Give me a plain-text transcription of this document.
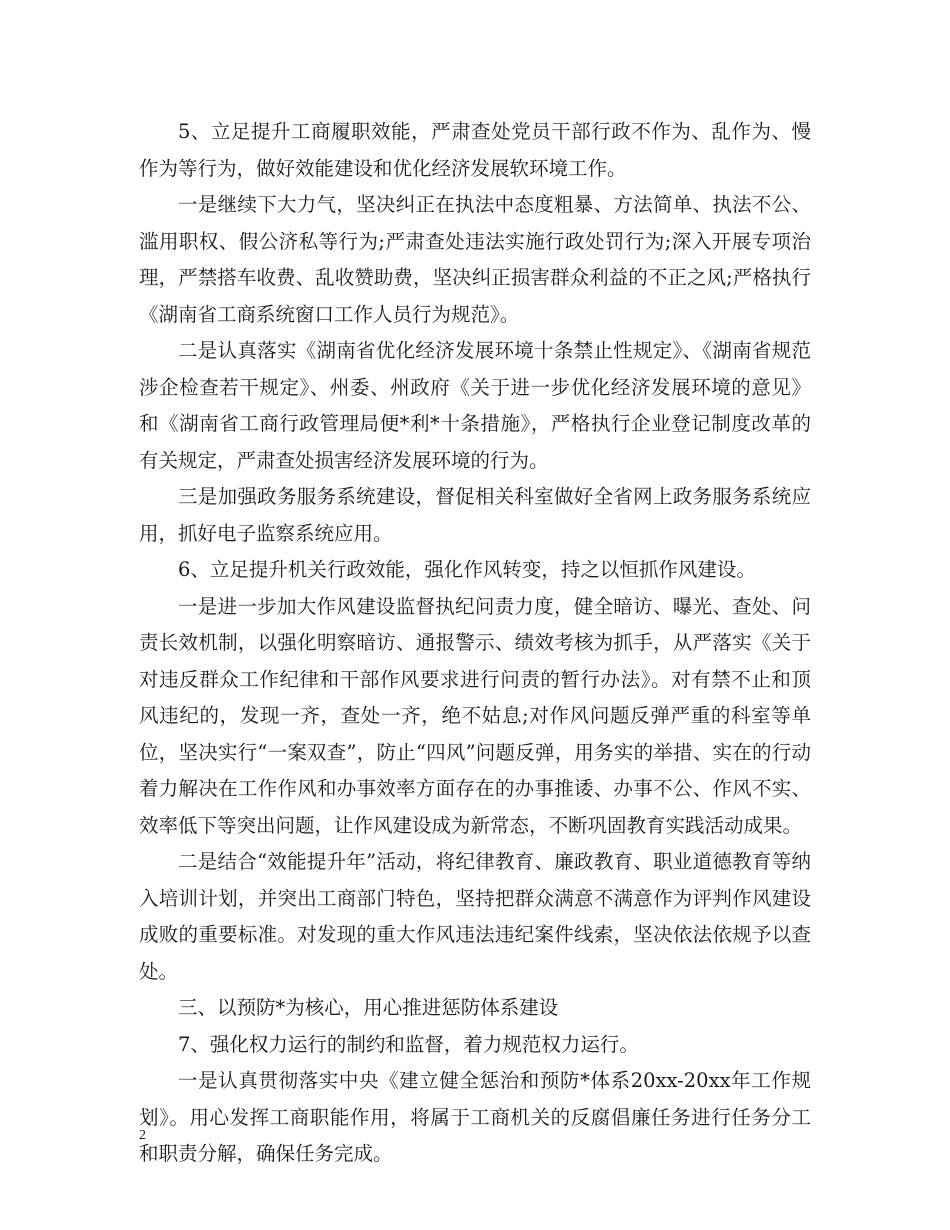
5、立足提升工商履职效能，严肃查处党员干部行政不作为、乱作为、慢作为等行为，做好效能建设和优化经济发展软环境工作。

一是继续下大力气，坚决纠正在执法中态度粗暴、方法简单、执法不公、滥用职权、假公济私等行为;严肃查处违法实施行政处罚行为;深入开展专项治理，严禁搭车收费、乱收赞助费，坚决纠正损害群众利益的不正之风;严格执行《湖南省工商系统窗口工作人员行为规范》。

二是认真落实《湖南省优化经济发展环境十条禁止性规定》、《湖南省规范涉企检查若干规定》、州委、州政府《关于进一步优化经济发展环境的意见》和《湖南省工商行政管理局便*利*十条措施》，严格执行企业登记制度改革的有关规定，严肃查处损害经济发展环境的行为。

三是加强政务服务系统建设，督促相关科室做好全省网上政务服务系统应用，抓好电子监察系统应用。

6、立足提升机关行政效能，强化作风转变，持之以恒抓作风建设。

一是进一步加大作风建设监督执纪问责力度，健全暗访、曝光、查处、问责长效机制，以强化明察暗访、通报警示、绩效考核为抓手，从严落实《关于对违反群众工作纪律和干部作风要求进行问责的暂行办法》。对有禁不止和顶风违纪的，发现一齐，查处一齐，绝不姑息;对作风问题反弹严重的科室等单位，坚决实行“一案双查”，防止“四风”问题反弹，用务实的举措、实在的行动着力解决在工作作风和办事效率方面存在的办事推诿、办事不公、作风不实、效率低下等突出问题，让作风建设成为新常态，不断巩固教育实践活动成果。

二是结合“效能提升年”活动，将纪律教育、廉政教育、职业道德教育等纳入培训计划，并突出工商部门特色，坚持把群众满意不满意作为评判作风建设成败的重要标准。对发现的重大作风违法违纪案件线索，坚决依法依规予以查处。

三、以预防*为核心，用心推进惩防体系建设

7、强化权力运行的制约和监督，着力规范权力运行。

一是认真贯彻落实中央《建立健全惩治和预防*体系20xx-20xx年工作规划》。用心发挥工商职能作用，将属于工商机关的反腐倡廉任务进行任务分工和职责分解，确保任务完成。

2
